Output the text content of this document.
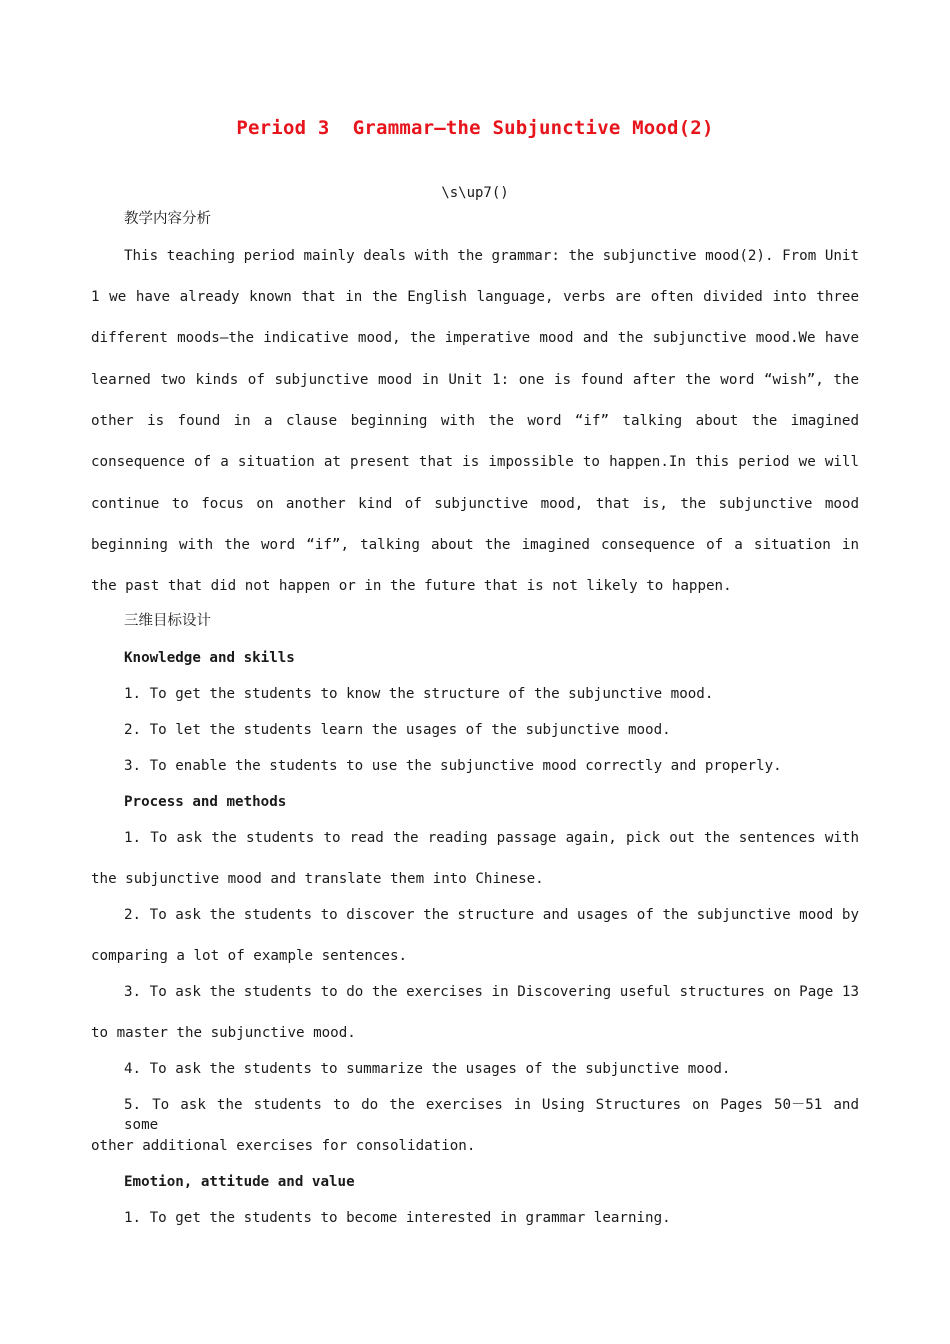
Period 3  Grammar—the Subjunctive Mood(2)
\s\up7()
教学内容分析
This teaching period mainly deals with the grammar: the subjunctive mood(2). From Unit
1 we have already known that in the English language, verbs are often divided into three
different moods—the indicative mood, the imperative mood and the subjunctive mood.We have
learned two kinds of subjunctive mood in Unit 1: one is found after the word “wish”, the
other is found in a clause beginning with the word “if” talking about the imagined
consequence of a situation at present that is impossible to happen.In this period we will
continue to focus on another kind of subjunctive mood, that is, the subjunctive mood
beginning with the word “if”, talking about the imagined consequence of a situation in
the past that did not happen or in the future that is not likely to happen.
三维目标设计
Knowledge and skills
1. To get the students to know the structure of the subjunctive mood.
2. To let the students learn the usages of the subjunctive mood.
3. To enable the students to use the subjunctive mood correctly and properly.
Process and methods
1. To ask the students to read the reading passage again, pick out the sentences with
the subjunctive mood and translate them into Chinese.
2. To ask the students to discover the structure and usages of the subjunctive mood by
comparing a lot of example sentences.
3. To ask the students to do the exercises in Discovering useful structures on Page 13
to master the subjunctive mood.
4. To ask the students to summarize the usages of the subjunctive mood.
5. To ask the students to do the exercises in Using Structures on Pages 50－51 and some
other additional exercises for consolidation.
Emotion, attitude and value
1. To get the students to become interested in grammar learning.
